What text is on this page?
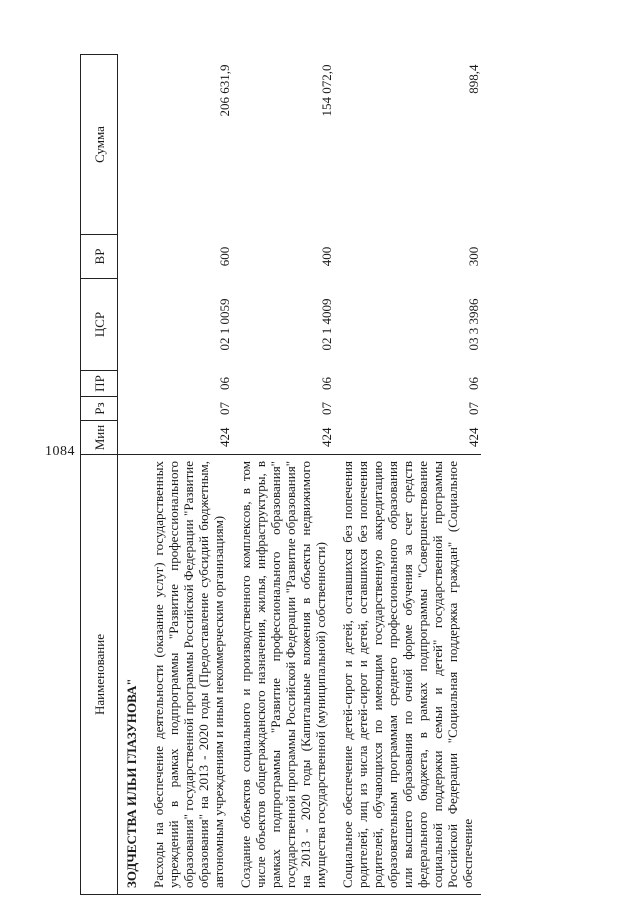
1084
Наименование	Мин	Рз	ПР	ЦСР	ВР	Сумма
ЗОДЧЕСТВА ИЛЬИ ГЛАЗУНОВА"						
Расходы на обеспечение деятельности (оказание услуг) государственных учреждений в рамках подпрограммы "Развитие профессионального образования" государственной программы Российской Федерации "Развитие образования" на 2013 - 2020 годы (Предоставление субсидий бюджетным, автономным учреждениям и иным некоммерческим организациям)	424	07	06	02 1 0059	600	206 631,9
Создание объектов социального и производственного комплексов, в том числе объектов общегражданского назначения, жилья, инфраструктуры, в рамках подпрограммы "Развитие профессионального образования" государственной программы Российской Федерации "Развитие образования" на 2013 - 2020 годы (Капитальные вложения в объекты недвижимого имущества государственной (муниципальной) собственности)	424	07	06	02 1 4009	400	154 072,0
Социальное обеспечение детей-сирот и детей, оставшихся без попечения родителей, лиц из числа детей-сирот и детей, оставшихся без попечения родителей, обучающихся по имеющим государственную аккредитацию образовательным программам среднего профессионального образования или высшего образования по очной форме обучения за счет средств федерального бюджета, в рамках подпрограммы "Совершенствование социальной поддержки семьи и детей" государственной программы Российской Федерации "Социальная поддержка граждан" (Социальное обеспечение	424	07	06	03 3 3986	300	898,4
